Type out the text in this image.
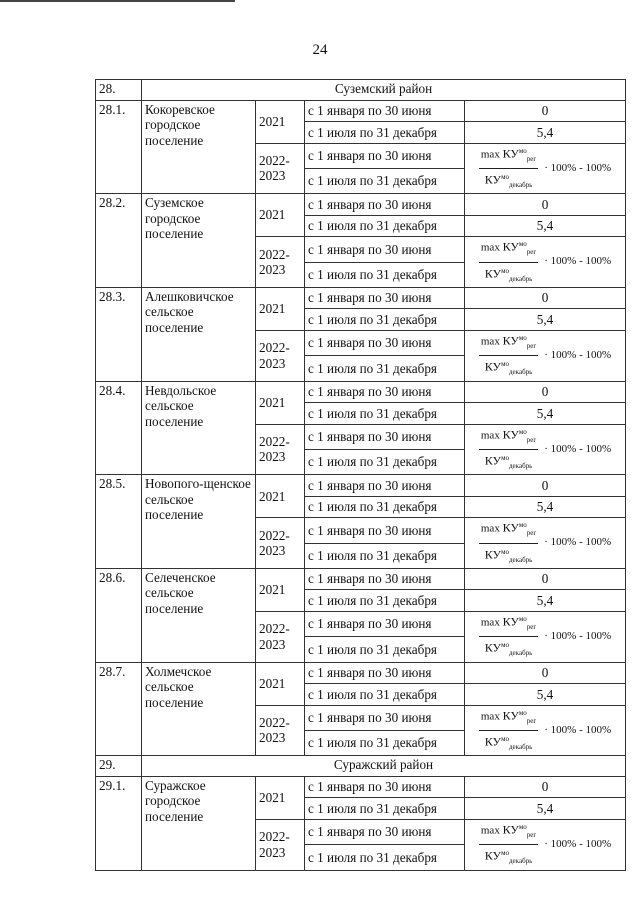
24
28.	Суземский район			
28.1.	Кокоревское городское поселение	2021	с 1 января по 30 июня	0
			с 1 июля по 31 декабря	5,4
		2022-2023	с 1 января по 30 июня	$\frac{\max КУ^{мо}_{рег}}{КУ^{мо}_{декабрь}} \cdot 100\% - 100\%$

			с 1 июля по 31 декабря	
28.2.	Суземское городское поселение	2021	с 1 января по 30 июня	0
			с 1 июля по 31 декабря	5,4
		2022-2023	с 1 января по 30 июня	$\frac{\max КУ^{мо}_{рег}}{КУ^{мо}_{декабрь}} \cdot 100\% - 100\%$

			с 1 июля по 31 декабря	
28.3.	Алешковичское сельское поселение	2021	с 1 января по 30 июня	0
			с 1 июля по 31 декабря	5,4
		2022-2023	с 1 января по 30 июня	$\frac{\max КУ^{мо}_{рег}}{КУ^{мо}_{декабрь}} \cdot 100\% - 100\%$

			с 1 июля по 31 декабря	
28.4.	Невдольское сельское поселение	2021	с 1 января по 30 июня	0
			с 1 июля по 31 декабря	5,4
		2022-2023	с 1 января по 30 июня	$\frac{\max КУ^{мо}_{рег}}{КУ^{мо}_{декабрь}} \cdot 100\% - 100\%$

			с 1 июля по 31 декабря	
28.5.	Новопого-щенское сельское поселение	2021	с 1 января по 30 июня	0
			с 1 июля по 31 декабря	5,4
		2022-2023	с 1 января по 30 июня	$\frac{\max КУ^{мо}_{рег}}{КУ^{мо}_{декабрь}} \cdot 100\% - 100\%$

			с 1 июля по 31 декабря	
28.6.	Селеченское сельское поселение	2021	с 1 января по 30 июня	0
			с 1 июля по 31 декабря	5,4
		2022-2023	с 1 января по 30 июня	$\frac{\max КУ^{мо}_{рег}}{КУ^{мо}_{декабрь}} \cdot 100\% - 100\%$

			с 1 июля по 31 декабря	
28.7.	Холмечское сельское поселение	2021	с 1 января по 30 июня	0
			с 1 июля по 31 декабря	5,4
		2022-2023	с 1 января по 30 июня	$\frac{\max КУ^{мо}_{рег}}{КУ^{мо}_{декабрь}} \cdot 100\% - 100\%$

			с 1 июля по 31 декабря	
29.	Суражский район			
29.1.	Суражское городское поселение	2021	с 1 января по 30 июня	0
			с 1 июля по 31 декабря	5,4
		2022-2023	с 1 января по 30 июня	$\frac{\max КУ^{мо}_{рег}}{КУ^{мо}_{декабрь}} \cdot 100\% - 100\%$

			с 1 июля по 31 декабря	
